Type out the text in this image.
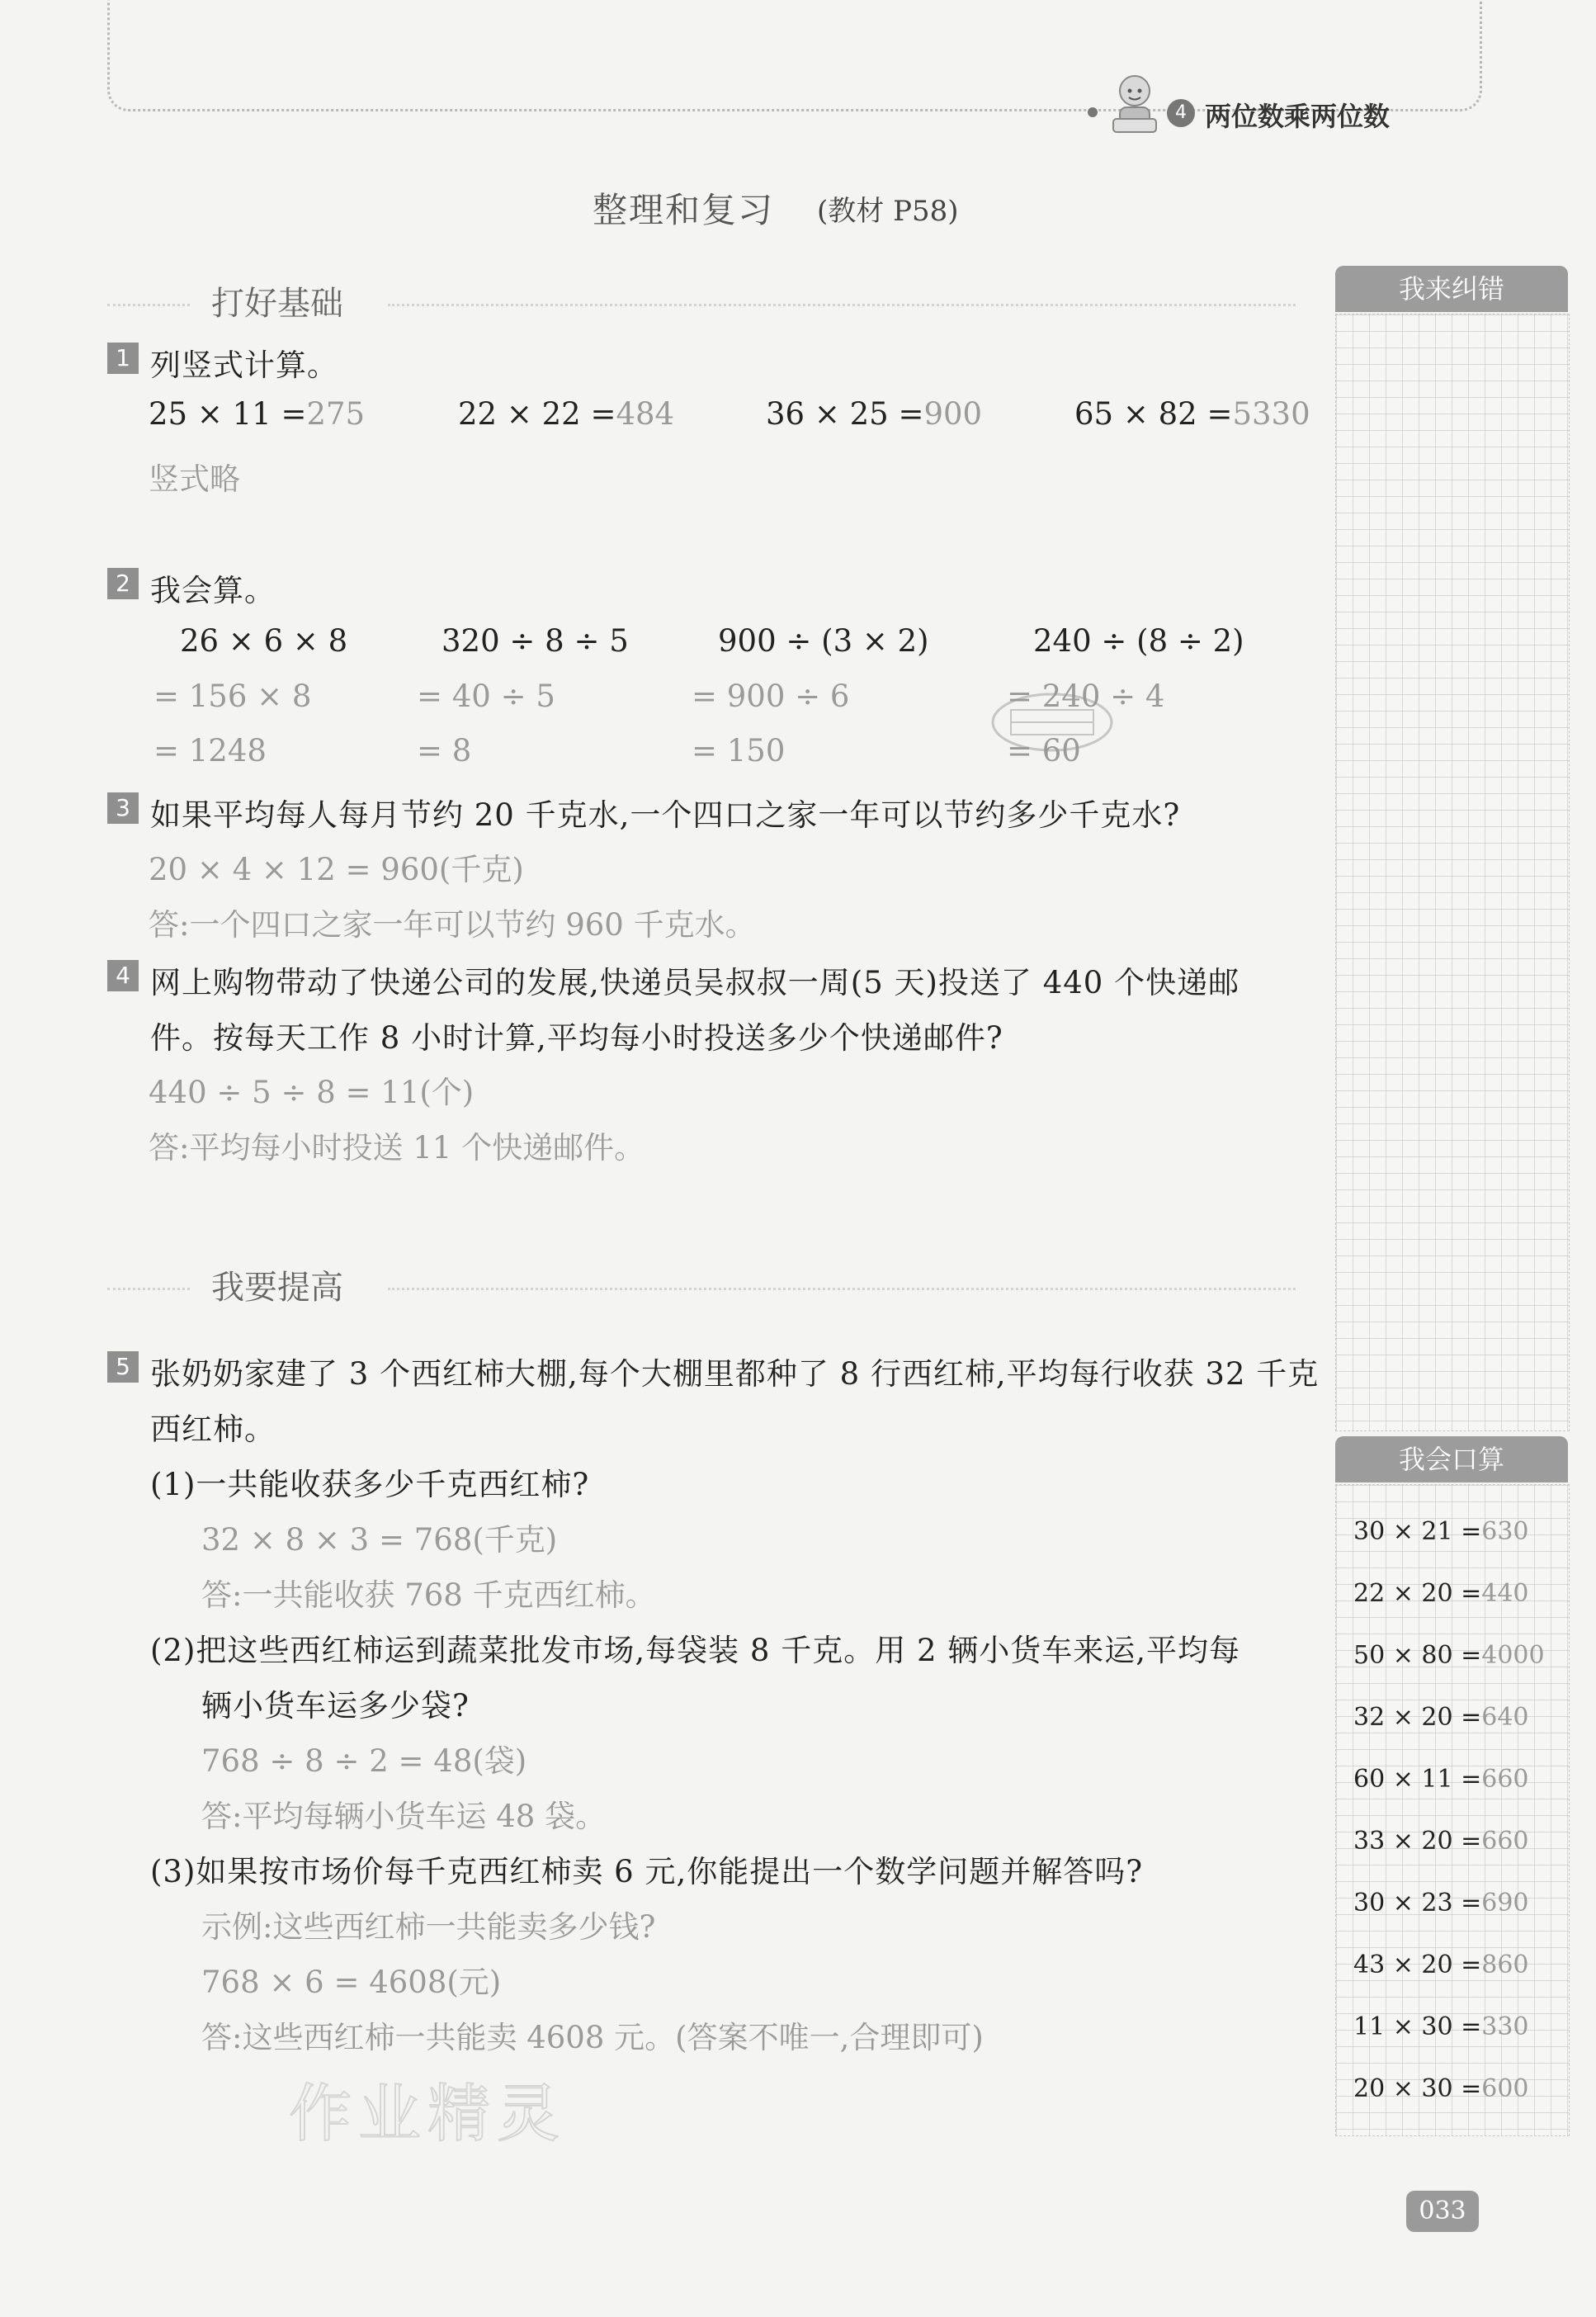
4 两位数乘两位数
整理和复习 (教材 P58)
打好基础
1 列竖式计算。
25 × 11 =275	22 × 22 =484	36 × 25 =900	65 × 82 =5330
竖式略
2 我会算。
26 × 6 × 8
= 156 × 8
= 1248
320 ÷ 8 ÷ 5
= 40 ÷ 5
= 8
900 ÷ (3 × 2)
= 900 ÷ 6
= 150
240 ÷ (8 ÷ 2)
= 240 ÷ 4
= 60
3 如果平均每人每月节约 20 千克水,一个四口之家一年可以节约多少千克水?
20 × 4 × 12 = 960(千克)
答:一个四口之家一年可以节约 960 千克水。
4 网上购物带动了快递公司的发展,快递员吴叔叔一周(5 天)投送了 440 个快递邮
件。按每天工作 8 小时计算,平均每小时投送多少个快递邮件?
440 ÷ 5 ÷ 8 = 11(个)
答:平均每小时投送 11 个快递邮件。
我要提高
5 张奶奶家建了 3 个西红柿大棚,每个大棚里都种了 8 行西红柿,平均每行收获 32 千克
西红柿。
(1)一共能收获多少千克西红柿?
32 × 8 × 3 = 768(千克)
答:一共能收获 768 千克西红柿。
(2)把这些西红柿运到蔬菜批发市场,每袋装 8 千克。用 2 辆小货车来运,平均每
辆小货车运多少袋?
768 ÷ 8 ÷ 2 = 48(袋)
答:平均每辆小货车运 48 袋。
(3)如果按市场价每千克西红柿卖 6 元,你能提出一个数学问题并解答吗?
示例:这些西红柿一共能卖多少钱?
768 × 6 = 4608(元)
答:这些西红柿一共能卖 4608 元。(答案不唯一,合理即可)
作业精灵
我来纠错
我会口算
30 × 21 =630
22 × 20 =440
50 × 80 =4000
32 × 20 =640
60 × 11 =660
33 × 20 =660
30 × 23 =690
43 × 20 =860
11 × 30 =330
20 × 30 =600
033
